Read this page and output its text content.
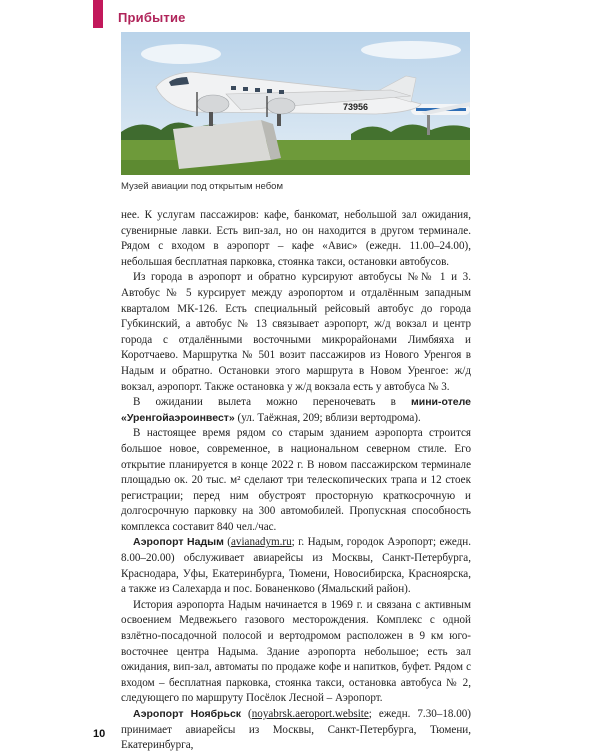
Прибытие
73956
Музей авиации под открытым небом

нее. К услугам пассажиров: кафе, банкомат, небольшой зал ожидания, сувенирные лавки. Есть вип-зал, но он находится в другом терминале. Рядом с входом в аэропорт – кафе «Авис» (ежедн. 11.00–24.00), небольшая бесплатная парковка, стоянка такси, остановки автобусов.

Из города в аэропорт и обратно курсируют автобусы №№ 1 и 3. Автобус № 5 курсирует между аэропортом и отдалённым западным кварталом МК-126. Есть специальный рейсовый автобус до города Губкинский, а автобус № 13 связывает аэропорт, ж/д вокзал и центр города с отдалёнными восточными микрорайонами Лимбяяха и Коротчаево. Маршрутка № 501 возит пассажиров из Нового Уренгоя в Надым и обратно. Остановки этого маршрута в Новом Уренгое: ж/д вокзал, аэропорт. Также остановка у ж/д вокзала есть у автобуса № 3.

В ожидании вылета можно переночевать в мини-отеле «Уренгойаэроинвест» (ул. Таёжная, 209; вблизи вертодрома).

В настоящее время рядом со старым зданием аэропорта строится большое новое, современное, в национальном северном стиле. Его открытие планируется в конце 2022 г. В новом пассажирском терминале площадью ок. 20 тыс. м² сделают три телескопических трапа и 12 стоек регистрации; перед ним обустроят просторную краткосрочную и долгосрочную парковку на 300 автомобилей. Пропускная способность комплекса составит 840 чел./час.

Аэропорт Надым (avianadym.ru; г. Надым, городок Аэропорт; ежедн. 8.00–20.00) обслуживает авиарейсы из Москвы, Санкт-Петербурга, Краснодара, Уфы, Екатеринбурга, Тюмени, Новосибирска, Красноярска, а также из Салехарда и пос. Бованенково (Ямальский район).

История аэропорта Надым начинается в 1969 г. и связана с активным освоением Медвежьего газового месторождения. Комплекс с одной взлётно-посадочной полосой и вертодромом расположен в 9 км юго-восточнее центра Надыма. Здание аэропорта небольшое; есть зал ожидания, вип-зал, автоматы по продаже кофе и напитков, буфет. Рядом с входом – бесплатная парковка, стоянка такси, остановка автобуса № 2, следующего по маршруту Посёлок Лесной – Аэропорт.

Аэропорт Ноябрьск (noyabrsk.aeroport.website; ежедн. 7.30–18.00) принимает авиарейсы из Москвы, Санкт-Петербурга, Тюмени, Екатеринбурга,

10
